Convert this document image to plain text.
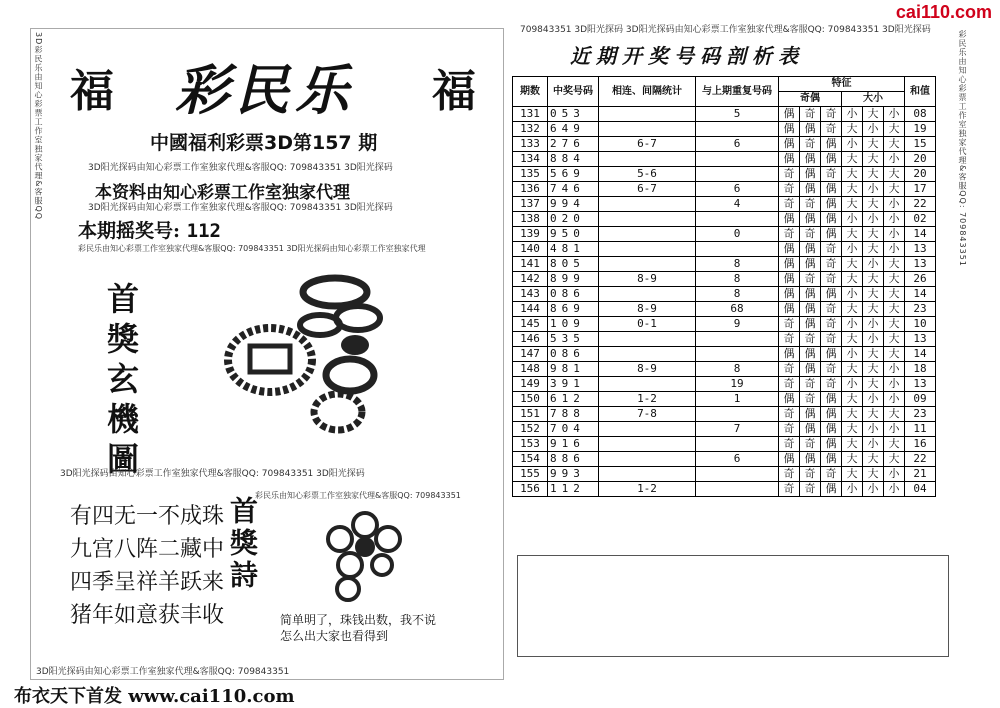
cai110.com
3D彩民乐由知心彩票工作室独家代理&客服QQ 福	福
彩民乐
中國福利彩票3D第157 期
3D阳光探码由知心彩票工作室独家代理&客服QQ: 709843351 3D阳光探码
本资料由知心彩票工作室独家代理
3D阳光探码由知心彩票工作室独家代理&客服QQ: 709843351 3D阳光探码
本期摇奖号: 112
彩民乐由知心彩票工作室独家代理&客服QQ: 709843351 3D阳光探码由知心彩票工作室独家代理
首獎玄機圖
3D阳光探码由知心彩票工作室独家代理&客服QQ: 709843351 3D阳光探码
彩民乐由知心彩票工作室独家代理&客服QQ: 709843351
有四无一不成珠
九宫八阵二藏中
四季呈祥羊跃来
猪年如意获丰收
首獎詩
简单明了，珠钱出数，我不说
怎么出大家也看得到
3D阳光探码由知心彩票工作室独家代理&客服QQ: 709843351
布衣天下首发 www.cai110.com
709843351 3D阳光探码 3D阳光探码由知心彩票工作室独家代理&客服QQ: 709843351 3D阳光探码	彩民乐由知心彩票工作室独家代理&客服QQ: 709843351
近期开奖号码剖析表
期数	中奖号码	相连、间隔统计	与上期重复号码	特征						和值
				奇偶			大小			
131	053		5	偶	奇	奇	小	大	小	08
132	649			偶	偶	奇	大	小	大	19
133	276	6-7	6	偶	奇	偶	小	大	大	15
134	884			偶	偶	偶	大	大	小	20
135	569	5-6		奇	偶	奇	大	大	大	20
136	746	6-7	6	奇	偶	偶	大	小	大	17
137	994		4	奇	奇	偶	大	大	小	22
138	020			偶	偶	偶	小	小	小	02
139	950		0	奇	奇	偶	大	大	小	14
140	481			偶	偶	奇	小	大	小	13
141	805		8	偶	偶	奇	大	小	大	13
142	899	8-9	8	偶	奇	奇	大	大	大	26
143	086		8	偶	偶	偶	小	大	大	14
144	869	8-9	68	偶	偶	奇	大	大	大	23
145	109	0-1	9	奇	偶	奇	小	小	大	10
146	535			奇	奇	奇	大	小	大	13
147	086			偶	偶	偶	小	大	大	14
148	981	8-9	8	奇	偶	奇	大	大	小	18
149	391		19	奇	奇	奇	小	大	小	13
150	612	1-2	1	偶	奇	偶	大	小	小	09
151	788	7-8		奇	偶	偶	大	大	大	23
152	704		7	奇	偶	偶	大	小	小	11
153	916			奇	奇	偶	大	小	大	16
154	886		6	偶	偶	偶	大	大	大	22
155	993			奇	奇	奇	大	大	小	21
156	112	1-2		奇	奇	偶	小	小	小	04
